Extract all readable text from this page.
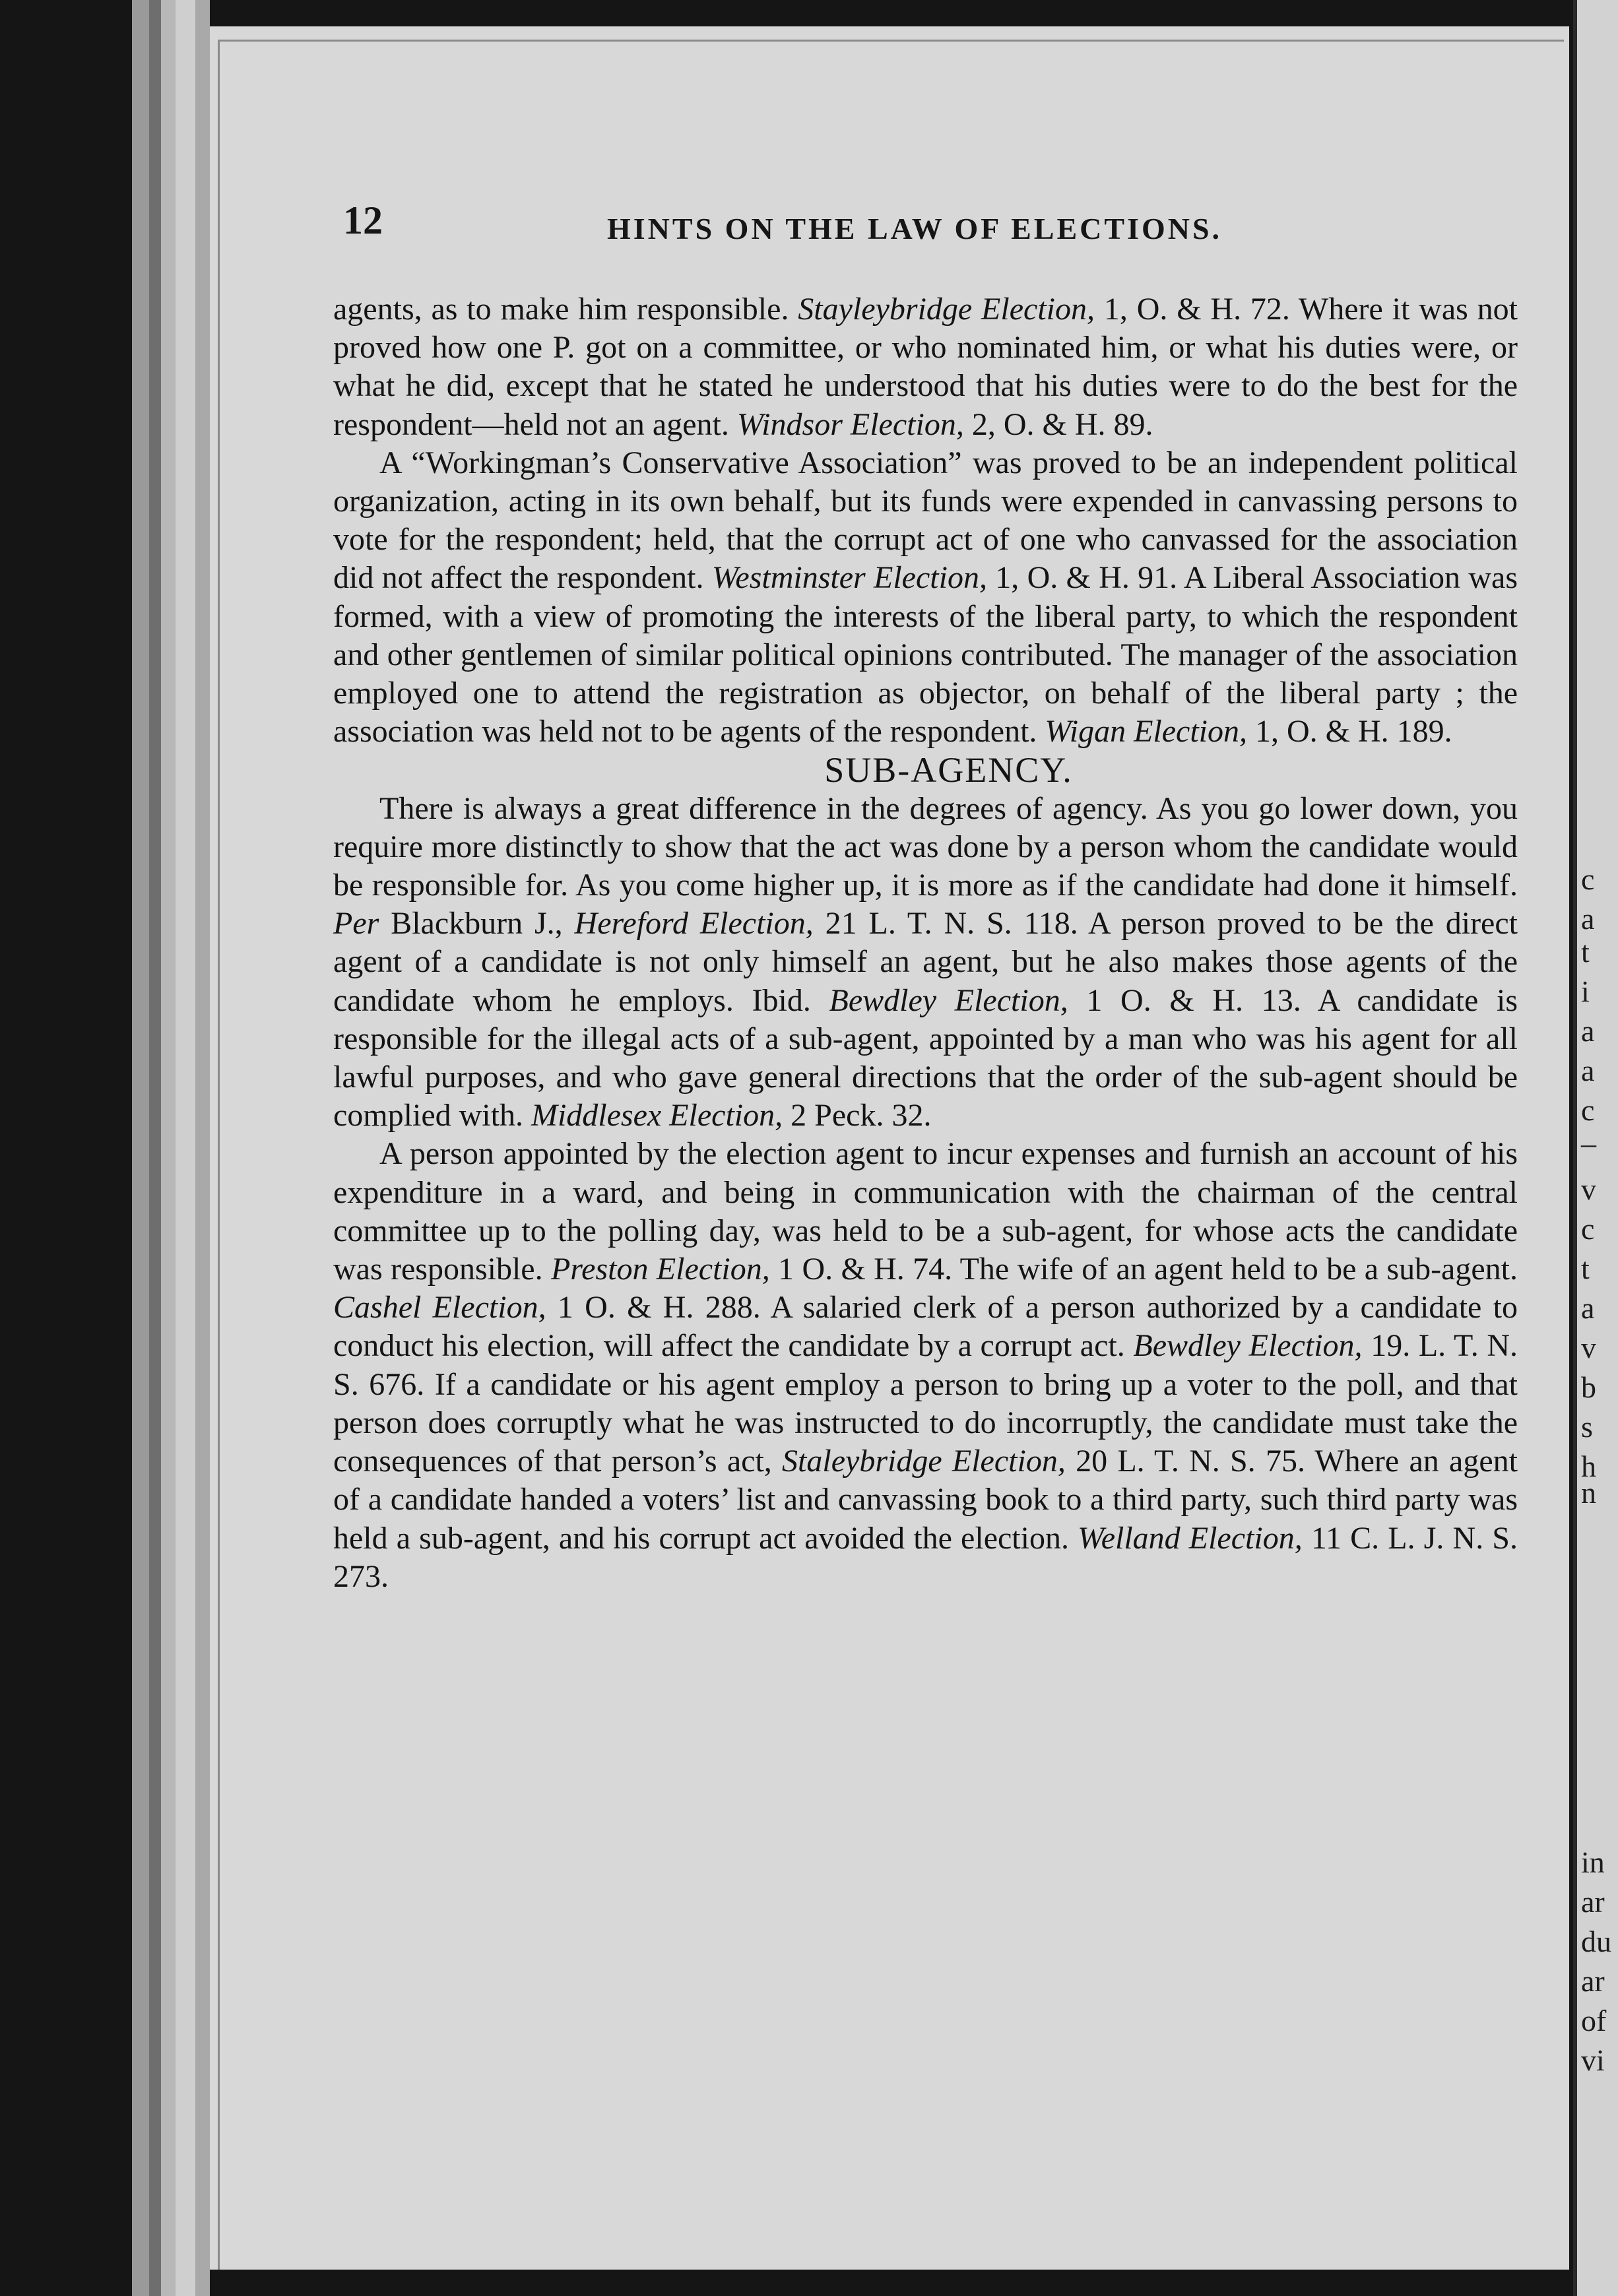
12	HINTS ON THE LAW OF ELECTIONS.

agents, as to make him responsible. Stayleybridge Election, 1, O. & H. 72. Where it was not proved how one P. got on a committee, or who nominated him, or what his duties were, or what he did, except that he stated he understood that his duties were to do the best for the respondent—held not an agent. Windsor Election, 2, O. & H. 89.

A “Workingman’s Conservative Association” was proved to be an independent political organization, acting in its own behalf, but its funds were expended in canvassing persons to vote for the respondent; held, that the corrupt act of one who canvassed for the association did not affect the respondent. Westminster Election, 1, O. & H. 91. A Liberal Association was formed, with a view of promoting the interests of the liberal party, to which the respondent and other gentlemen of similar political opinions contributed. The manager of the association employed one to attend the registration as objector, on behalf of the liberal party ; the association was held not to be agents of the respondent. Wigan Election, 1, O. & H. 189.

SUB-AGENCY.

There is always a great difference in the degrees of agency. As you go lower down, you require more distinctly to show that the act was done by a person whom the candidate would be responsible for. As you come higher up, it is more as if the candidate had done it himself. Per Blackburn J., Hereford Election, 21 L. T. N. S. 118. A person proved to be the direct agent of a candidate is not only himself an agent, but he also makes those agents of the candidate whom he employs. Ibid. Bewdley Election, 1 O. & H. 13. A candidate is responsible for the illegal acts of a sub-agent, appointed by a man who was his agent for all lawful purposes, and who gave general directions that the order of the sub-agent should be complied with. Middlesex Election, 2 Peck. 32.

A person appointed by the election agent to incur expenses and furnish an account of his expenditure in a ward, and being in communication with the chairman of the central committee up to the polling day, was held to be a sub-agent, for whose acts the candidate was responsible. Preston Election, 1 O. & H. 74. The wife of an agent held to be a sub-agent. Cashel Election, 1 O. & H. 288. A salaried clerk of a person authorized by a candidate to conduct his election, will affect the candidate by a corrupt act. Bewdley Election, 19. L. T. N. S. 676. If a candidate or his agent employ a person to bring up a voter to the poll, and that person does corruptly what he was instructed to do incorruptly, the candidate must take the consequences of that person’s act, Staleybridge Election, 20 L. T. N. S. 75. Where an agent of a candidate handed a voters’ list and canvassing book to a third party, such third party was held a sub-agent, and his corrupt act avoided the election. Welland Election, 11 C. L. J. N. S. 273.

c
a
t
i
a
a
c
–
v
c
t
a
v
b
s
h
n
in
ar
du
ar
of
vi
